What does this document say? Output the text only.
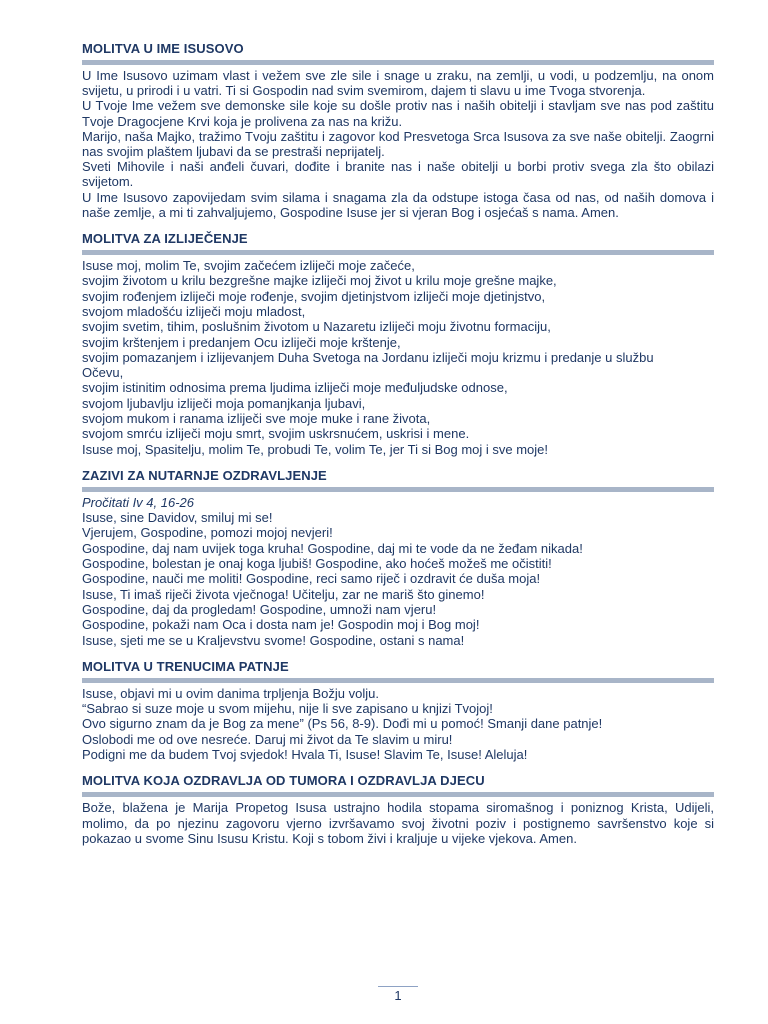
MOLITVA U IME ISUSOVO

U Ime Isusovo uzimam vlast i vežem sve zle sile i snage u zraku, na zemlji, u vodi, u podzemlju, na onom svijetu, u prirodi i u vatri. Ti si Gospodin nad svim svemirom, dajem ti slavu u ime Tvoga stvorenja.

U Tvoje Ime vežem sve demonske sile koje su došle protiv nas i naših obitelji i stavljam sve nas pod zaštitu Tvoje Dragocjene Krvi koja je prolivena za nas na križu.

Marijo, naša Majko, tražimo Tvoju zaštitu i zagovor kod Presvetoga Srca Isusova za sve naše obitelji. Zaogrni nas svojim plaštem ljubavi da se prestraši neprijatelj.

Sveti Mihovile i naši anđeli čuvari, dođite i branite nas i naše obitelji u borbi protiv svega zla što obilazi svijetom.

U Ime Isusovo zapovijedam svim silama i snagama zla da odstupe istoga časa od nas, od naših domova i naše zemlje, a mi ti zahvaljujemo, Gospodine Isuse jer si vjeran Bog i osjećaš s nama. Amen.

MOLITVA ZA IZLIJEČENJE

Isuse moj, molim Te, svojim začećem izliječi moje začeće,

svojim životom u krilu bezgrešne majke izliječi moj život u krilu moje grešne majke,

svojim rođenjem izliječi moje rođenje, svojim djetinjstvom izliječi moje djetinjstvo,

svojom mladošću izliječi moju mladost,

svojim svetim, tihim, poslušnim životom u Nazaretu izliječi moju životnu formaciju,

svojim krštenjem i predanjem Ocu izliječi moje krštenje,

svojim pomazanjem i izlijevanjem Duha Svetoga na Jordanu izliječi moju krizmu i predanje u službu

Očevu,

svojim istinitim odnosima prema ljudima izliječi moje međuljudske odnose,

svojom ljubavlju izliječi moja pomanjkanja ljubavi,

svojom mukom i ranama izliječi sve moje muke i rane života,

svojom smrću izliječi moju smrt, svojim uskrsnućem, uskrisi i mene.

Isuse moj, Spasitelju, molim Te, probudi Te, volim Te, jer Ti si Bog moj i sve moje!

ZAZIVI ZA NUTARNJE OZDRAVLJENJE

Pročitati Iv 4, 16-26

Isuse, sine Davidov, smiluj mi se!

Vjerujem, Gospodine, pomozi mojoj nevjeri!

Gospodine, daj nam uvijek toga kruha! Gospodine, daj mi te vode da ne žeđam nikada!

Gospodine, bolestan je onaj koga ljubiš! Gospodine, ako hoćeš možeš me očistiti!

Gospodine, nauči me moliti! Gospodine, reci samo riječ i ozdravit će duša moja!

Isuse, Ti imaš riječi života vječnoga! Učitelju, zar ne mariš što ginemo!

Gospodine, daj da progledam! Gospodine, umnoži nam vjeru!

Gospodine, pokaži nam Oca i dosta nam je! Gospodin moj i Bog moj!

Isuse, sjeti me se u Kraljevstvu svome! Gospodine, ostani s nama!

MOLITVA U TRENUCIMA PATNJE

Isuse, objavi mi u ovim danima trpljenja Božju volju.

“Sabrao si suze moje u svom mijehu, nije li sve zapisano u knjizi Tvojoj!

Ovo sigurno znam da je Bog za mene” (Ps 56, 8-9). Dođi mi u pomoć! Smanji dane patnje!

Oslobodi me od ove nesreće. Daruj mi život da Te slavim u miru!

Podigni me da budem Tvoj svjedok! Hvala Ti, Isuse! Slavim Te, Isuse! Aleluja!

MOLITVA KOJA OZDRAVLJA OD TUMORA I OZDRAVLJA DJECU

Bože, blažena je Marija Propetog Isusa ustrajno hodila stopama siromašnog i poniznog Krista, Udijeli, molimo, da po njezinu zagovoru vjerno izvršavamo svoj životni poziv i postignemo savršenstvo koje si pokazao u svome Sinu Isusu Kristu. Koji s tobom živi i kraljuje u vijeke vjekova. Amen.

1
